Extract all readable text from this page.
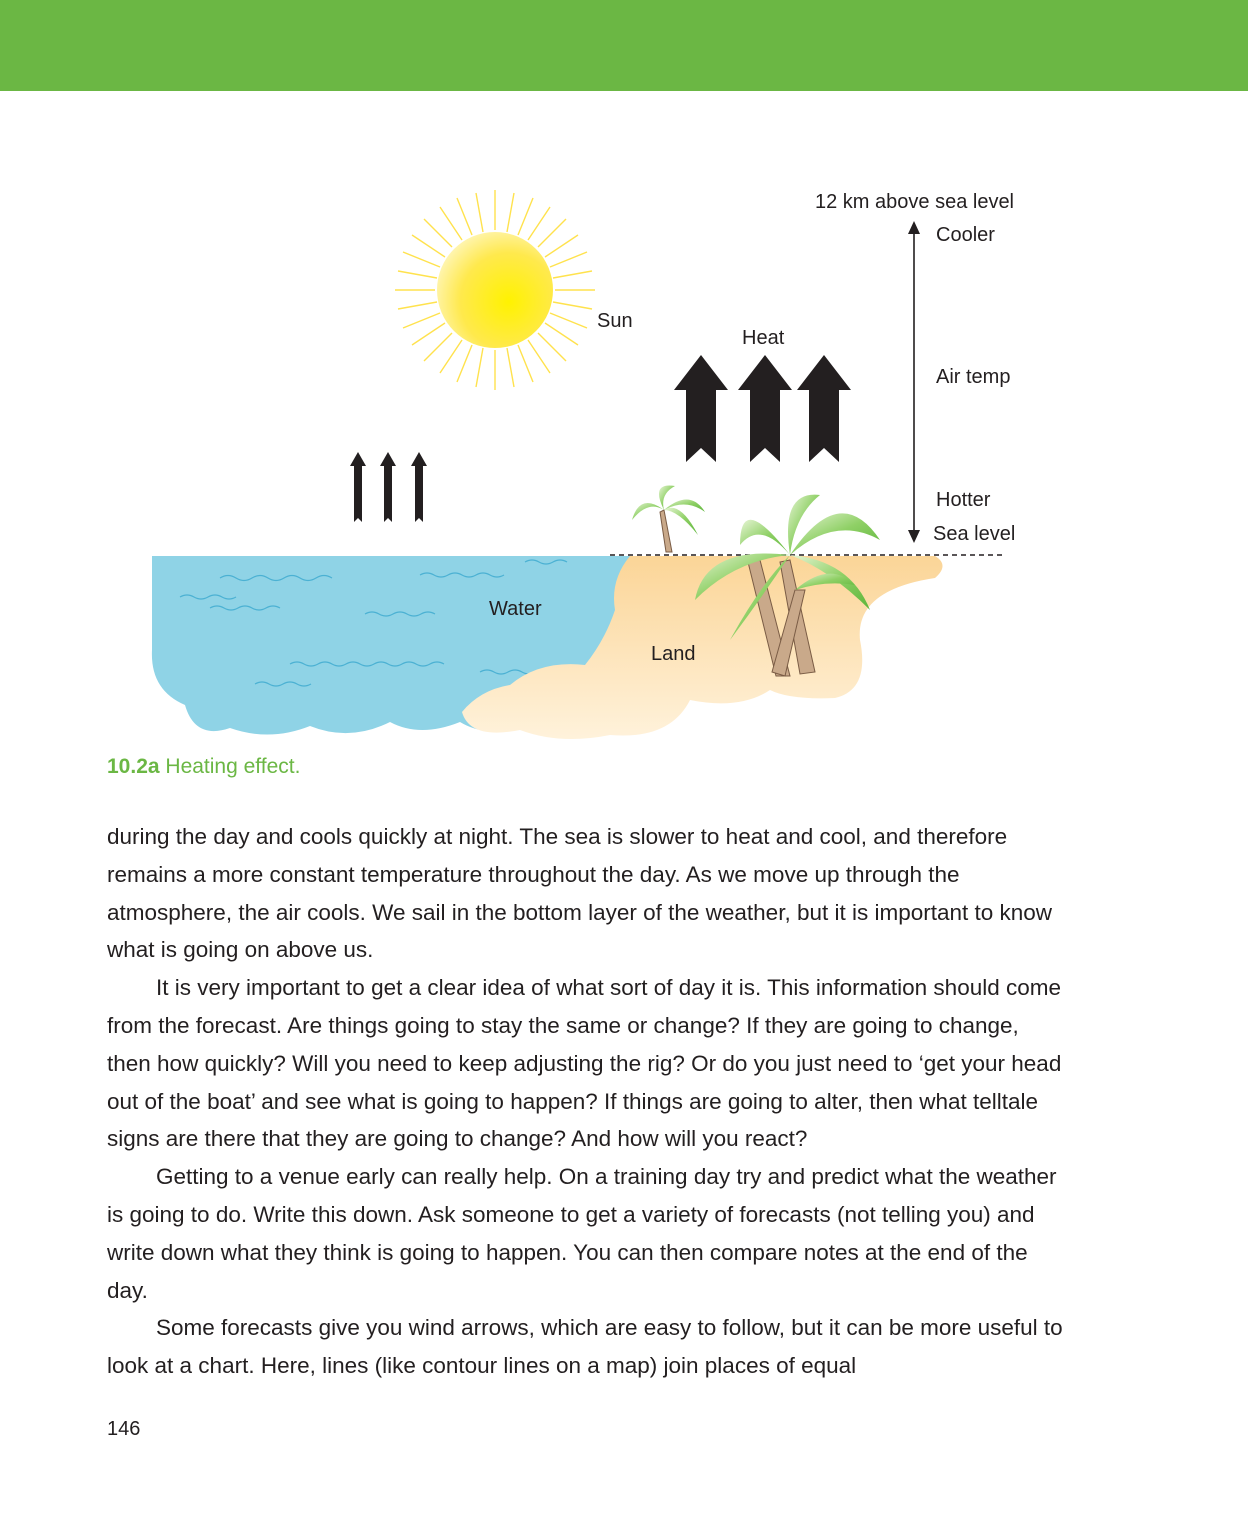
12 km above sea level
Cooler
Sun
Heat
Air temp
Hotter
Sea level
Water
Land
10.2a Heating effect.

during the day and cools quickly at night. The sea is slower to heat and cool, and therefore remains a more constant temperature throughout the day. As we move up through the atmosphere, the air cools. We sail in the bottom layer of the weather, but it is important to know what is going on above us.

It is very important to get a clear idea of what sort of day it is. This information should come from the forecast. Are things going to stay the same or change? If they are going to change, then how quickly? Will you need to keep adjusting the rig? Or do you just need to ‘get your head out of the boat’ and see what is going to happen? If things are going to alter, then what telltale signs are there that they are going to change? And how will you react?

Getting to a venue early can really help. On a training day try and predict what the weather is going to do. Write this down. Ask someone to get a variety of forecasts (not telling you) and write down what they think is going to happen. You can then compare notes at the end of the day.

Some forecasts give you wind arrows, which are easy to follow, but it can be more useful to look at a chart. Here, lines (like contour lines on a map) join places of equal

146
